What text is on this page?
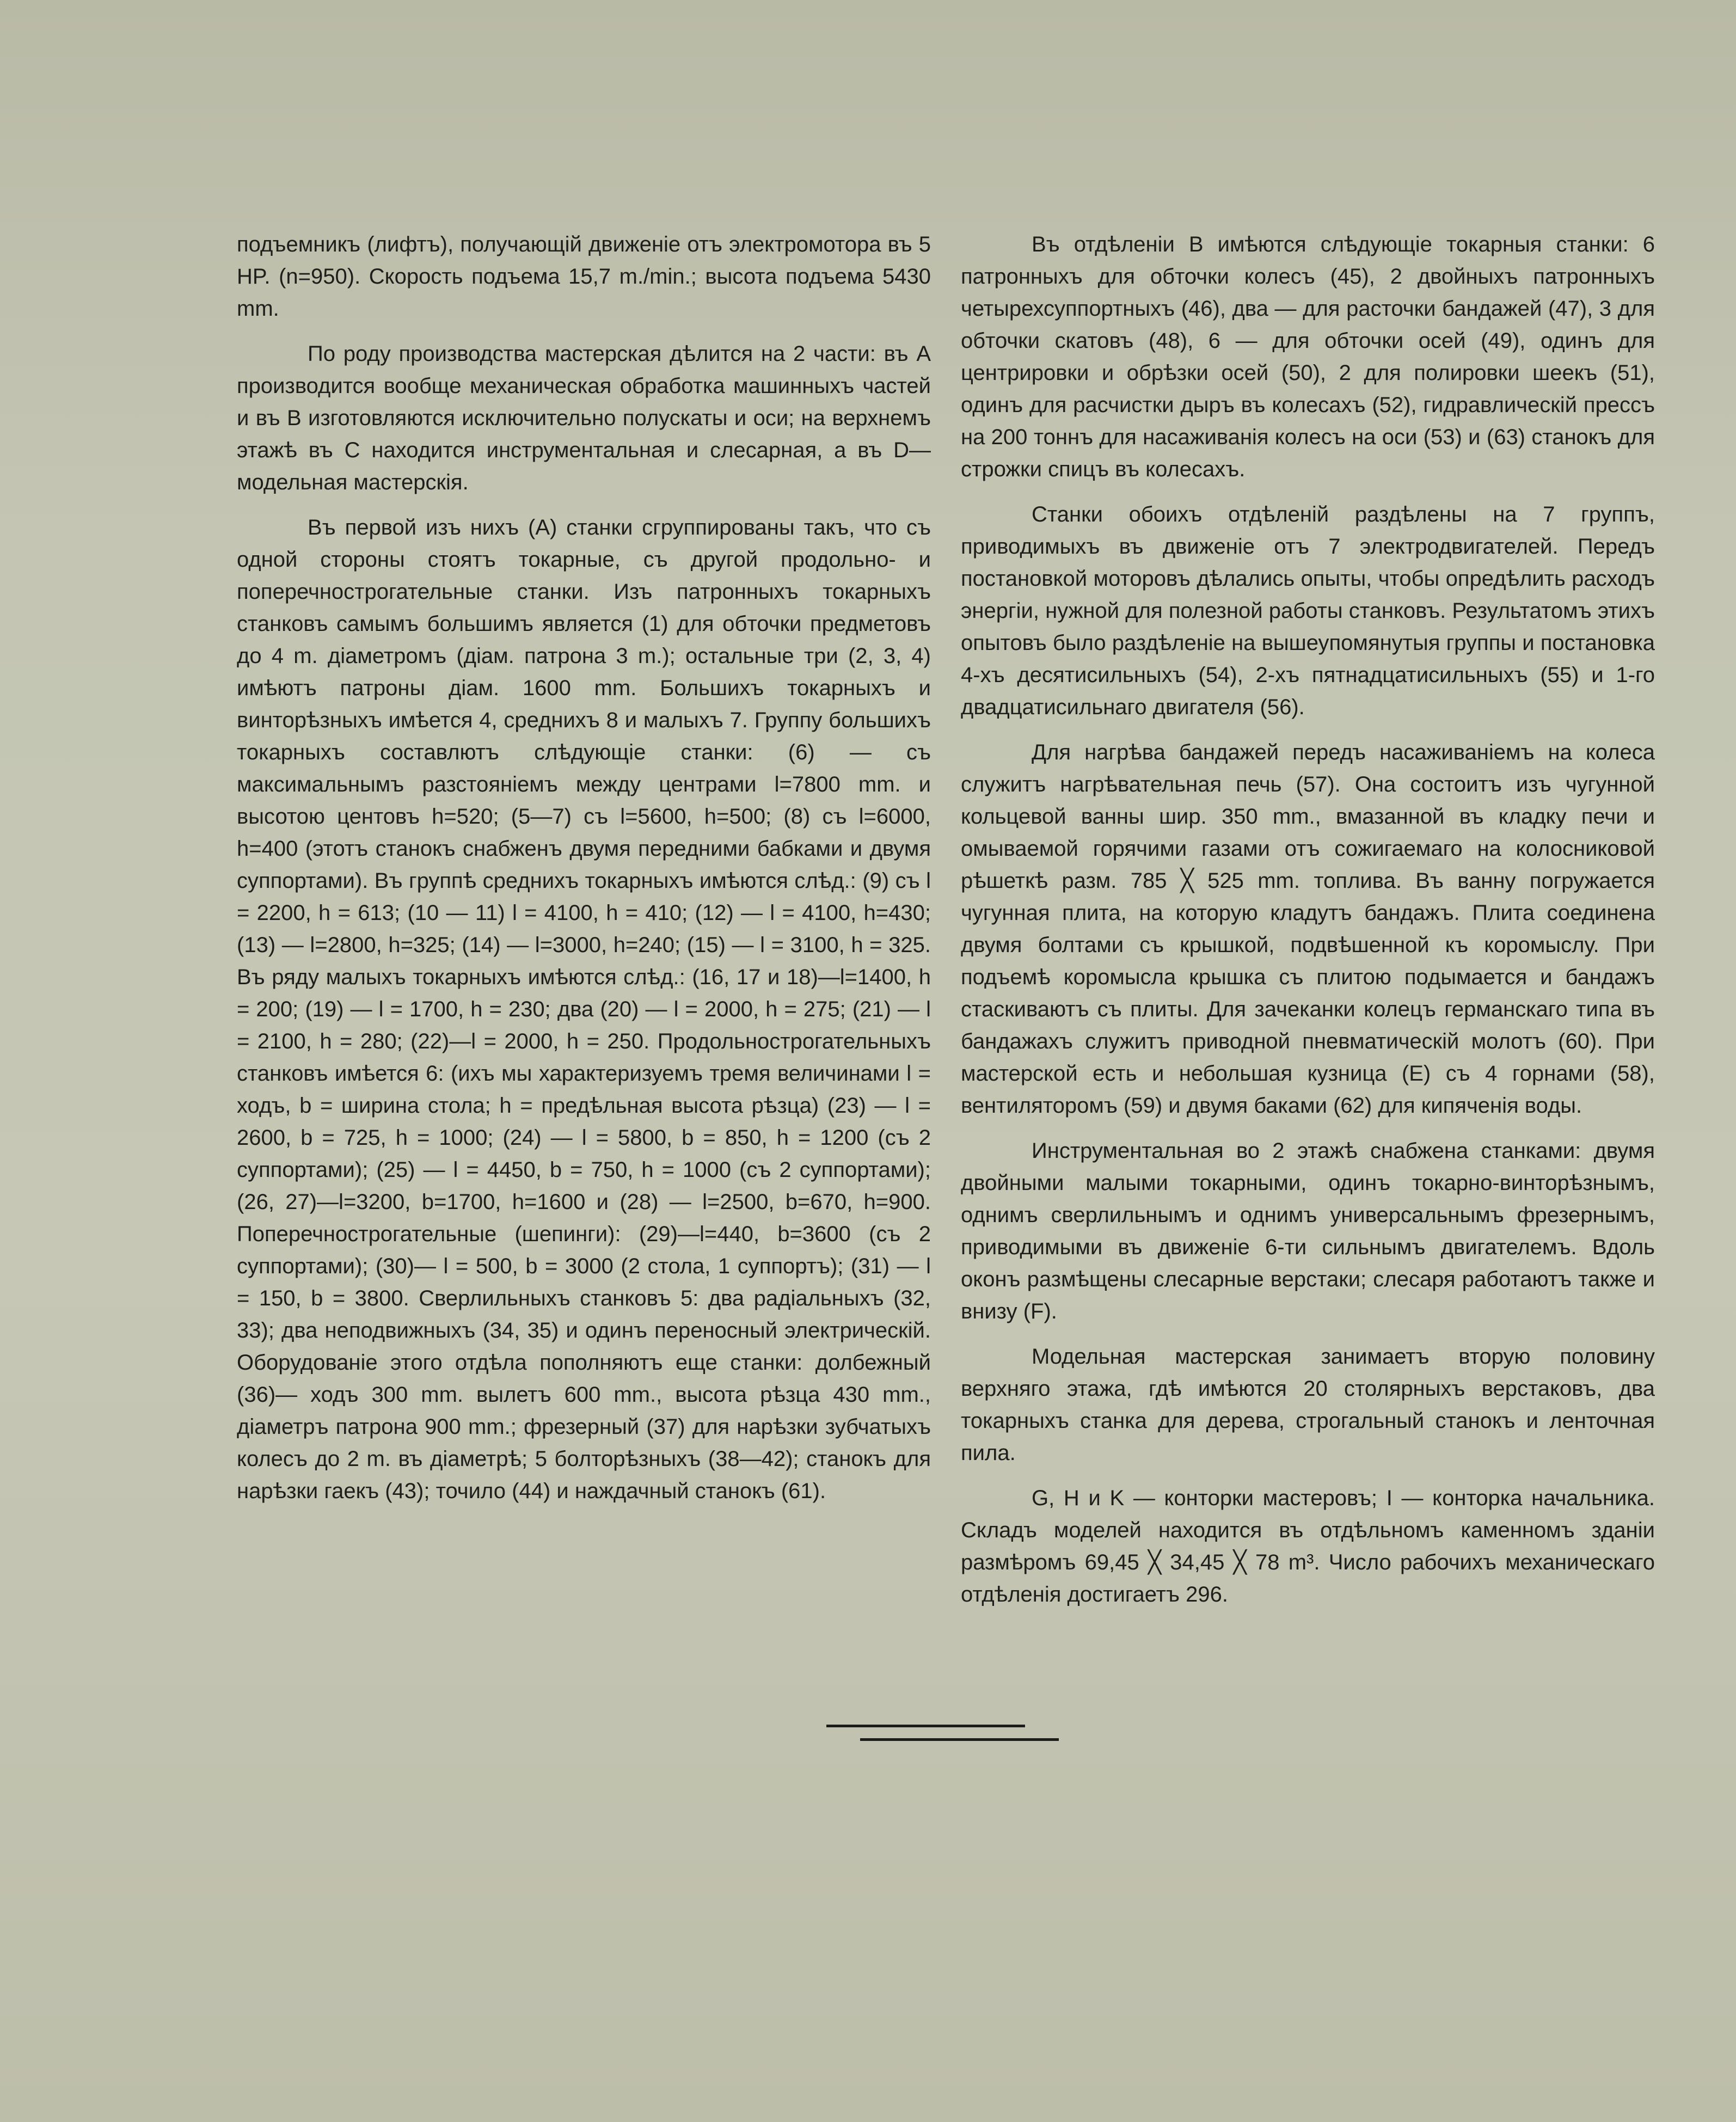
подъемникъ (лифтъ), получающій движеніе отъ электромотора въ 5 HP. (n=950). Скорость подъема 15,7 m./min.; высота подъема 5430 mm.

По роду производства мастерская дѣлится на 2 части: въ А производится вообще механическая обработка машинныхъ частей и въ В изготовляются исключительно полускаты и оси; на верхнемъ этажѣ въ С находится инструментальная и слесарная, а въ D—модельная мастерскія.

Въ первой изъ нихъ (А) станки сгруппированы такъ, что съ одной стороны стоятъ токарные, съ другой продольно- и поперечнострогательные станки. Изъ патронныхъ токарныхъ станковъ самымъ большимъ является (1) для обточки предметовъ до 4 m. діаметромъ (діам. патрона 3 m.); остальные три (2, 3, 4) имѣютъ патроны діам. 1600 mm. Большихъ токарныхъ и винторѣзныхъ имѣется 4, среднихъ 8 и малыхъ 7. Группу большихъ токарныхъ составлютъ слѣдующіе станки: (6) — съ максимальнымъ разстояніемъ между центрами l=7800 mm. и высотою центовъ h=520; (5—7) съ l=5600, h=500; (8) съ l=6000, h=400 (этотъ станокъ снабженъ двумя передними бабками и двумя суппортами). Въ группѣ среднихъ токарныхъ имѣются слѣд.: (9) съ l = 2200, h = 613; (10 — 11) l = 4100, h = 410; (12) — l = 4100, h=430; (13) — l=2800, h=325; (14) — l=3000, h=240; (15) — l = 3100, h = 325. Въ ряду малыхъ токарныхъ имѣются слѣд.: (16, 17 и 18)—l=1400, h = 200; (19) — l = 1700, h = 230; два (20) — l = 2000, h = 275; (21) — l = 2100, h = 280; (22)—l = 2000, h = 250. Продольнострогательныхъ станковъ имѣется 6: (ихъ мы характеризуемъ тремя величинами l = ходъ, b = ширина стола; h = предѣльная высота рѣзца) (23) — l = 2600, b = 725, h = 1000; (24) — l = 5800, b = 850, h = 1200 (съ 2 суппортами); (25) — l = 4450, b = 750, h = 1000 (съ 2 суппортами); (26, 27)—l=3200, b=1700, h=1600 и (28) — l=2500, b=670, h=900. Поперечнострогательные (шепинги): (29)—l=440, b=3600 (съ 2 суппортами); (30)— l = 500, b = 3000 (2 стола, 1 суппортъ); (31) — l = 150, b = 3800. Сверлильныхъ станковъ 5: два радіальныхъ (32, 33); два неподвижныхъ (34, 35) и одинъ переносный электрическій. Оборудованіе этого отдѣла пополняютъ еще станки: долбежный (36)— ходъ 300 mm. вылетъ 600 mm., высота рѣзца 430 mm., діаметръ патрона 900 mm.; фрезерный (37) для нарѣзки зубчатыхъ колесъ до 2 m. въ діаметрѣ; 5 болторѣзныхъ (38—42); станокъ для нарѣзки гаекъ (43); точило (44) и наждачный станокъ (61).

Въ отдѣленіи В имѣются слѣдующіе токарныя станки: 6 патронныхъ для обточки колесъ (45), 2 двойныхъ патронныхъ четырехсуппортныхъ (46), два — для расточки бандажей (47), 3 для обточки скатовъ (48), 6 — для обточки осей (49), одинъ для центрировки и обрѣзки осей (50), 2 для полировки шеекъ (51), одинъ для расчистки дыръ въ колесахъ (52), гидравлическій прессъ на 200 тоннъ для насаживанія колесъ на оси (53) и (63) станокъ для строжки спицъ въ колесахъ.

Станки обоихъ отдѣленій раздѣлены на 7 группъ, приводимыхъ въ движеніе отъ 7 электродвигателей. Передъ постановкой моторовъ дѣлались опыты, чтобы опредѣлить расходъ энергіи, нужной для полезной работы станковъ. Результатомъ этихъ опытовъ было раздѣленіе на вышеупомянутыя группы и постановка 4-хъ десятисильныхъ (54), 2-хъ пятнадцатисильныхъ (55) и 1-го двадцатисильнаго двигателя (56).

Для нагрѣва бандажей передъ насаживаніемъ на колеса служитъ нагрѣвательная печь (57). Она состоитъ изъ чугунной кольцевой ванны шир. 350 mm., вмазанной въ кладку печи и омываемой горячими газами отъ сожигаемаго на колосниковой рѣшеткѣ разм. 785 ╳ 525 mm. топлива. Въ ванну погружается чугунная плита, на которую кладутъ бандажъ. Плита соединена двумя болтами съ крышкой, подвѣшенной къ коромыслу. При подъемѣ коромысла крышка съ плитою подымается и бандажъ стаскиваютъ съ плиты. Для зачеканки колецъ германскаго типа въ бандажахъ служитъ приводной пневматическій молотъ (60). При мастерской есть и небольшая кузница (Е) съ 4 горнами (58), вентиляторомъ (59) и двумя баками (62) для кипяченія воды.

Инструментальная во 2 этажѣ снабжена станками: двумя двойными малыми токарными, одинъ токарно-винторѣзнымъ, однимъ сверлильнымъ и однимъ универсальнымъ фрезернымъ, приводимыми въ движеніе 6-ти сильнымъ двигателемъ. Вдоль оконъ размѣщены слесарные верстаки; слесаря работаютъ также и внизу (F).

Модельная мастерская занимаетъ вторую половину верхняго этажа, гдѣ имѣются 20 столярныхъ верстаковъ, два токарныхъ станка для дерева, строгальный станокъ и ленточная пила.

G, H и K — конторки мастеровъ; I — конторка начальника. Складъ моделей находится въ отдѣльномъ каменномъ зданіи размѣромъ 69,45 ╳ 34,45 ╳ 78 m³. Число рабочихъ механическаго отдѣленія достигаетъ 296.
